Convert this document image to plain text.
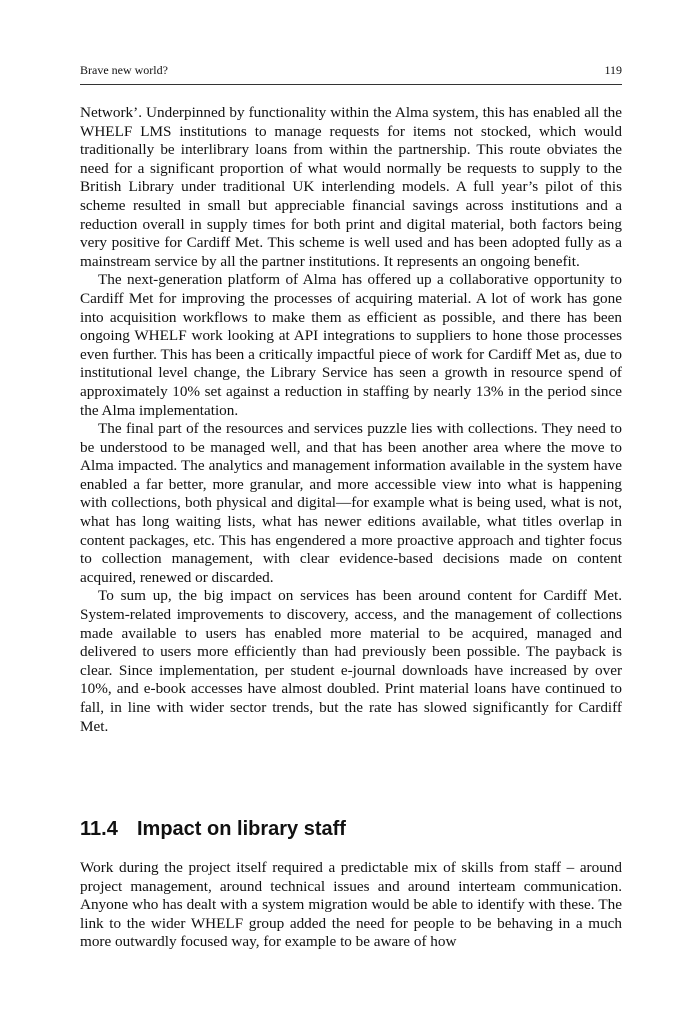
Brave new world?	119

Network’. Underpinned by functionality within the Alma system, this has enabled all the WHELF LMS institutions to manage requests for items not stocked, which would traditionally be interlibrary loans from within the partnership. This route obviates the need for a significant proportion of what would normally be requests to supply to the British Library under traditional UK interlending models. A full year’s pilot of this scheme resulted in small but appreciable financial savings across institutions and a reduction overall in supply times for both print and digital material, both factors being very positive for Cardiff Met. This scheme is well used and has been adopted fully as a mainstream service by all the partner institutions. It represents an ongoing benefit.

The next-generation platform of Alma has offered up a collaborative opportunity to Cardiff Met for improving the processes of acquiring material. A lot of work has gone into acquisition workflows to make them as efficient as possible, and there has been ongoing WHELF work looking at API integrations to suppliers to hone those processes even further. This has been a critically impactful piece of work for Cardiff Met as, due to institutional level change, the Library Service has seen a growth in resource spend of approximately 10% set against a reduction in staffing by nearly 13% in the period since the Alma implementation.

The final part of the resources and services puzzle lies with collections. They need to be understood to be managed well, and that has been another area where the move to Alma impacted. The analytics and management information available in the system have enabled a far better, more granular, and more accessible view into what is happening with collections, both physical and digital—for example what is being used, what is not, what has long waiting lists, what has newer editions available, what titles overlap in content packages, etc. This has engendered a more proactive approach and tighter focus to collection management, with clear evidence-based decisions made on content acquired, renewed or discarded.

To sum up, the big impact on services has been around content for Cardiff Met. System-related improvements to discovery, access, and the management of collections made available to users has enabled more material to be acquired, managed and delivered to users more efficiently than had previously been possible. The payback is clear. Since implementation, per student e-journal downloads have increased by over 10%, and e-book accesses have almost doubled. Print material loans have continued to fall, in line with wider sector trends, but the rate has slowed significantly for Cardiff Met.

11.4 Impact on library staff

Work during the project itself required a predictable mix of skills from staff – around project management, around technical issues and around interteam communication. Anyone who has dealt with a system migration would be able to identify with these. The link to the wider WHELF group added the need for people to be behaving in a much more outwardly focused way, for example to be aware of how
